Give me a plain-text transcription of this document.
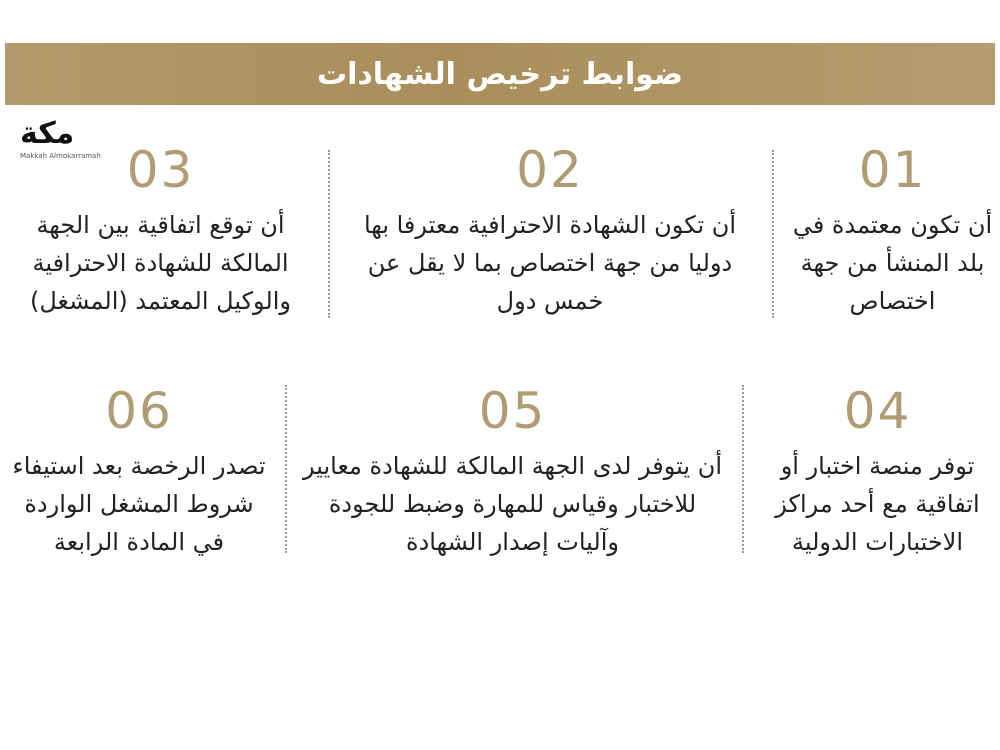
ضوابط ترخيص الشهادات
مكة
Makkah Almokarramah	01
أن تكون معتمدة في بلد المنشأ من جهة اختصاص
02
أن تكون الشهادة الاحترافية معترفا بها دوليا من جهة اختصاص بما لا يقل عن خمس دول
03
أن توقع اتفاقية بين الجهة المالكة للشهادة الاحترافية والوكيل المعتمد (المشغل)
04
توفر منصة اختبار أو اتفاقية مع أحد مراكز الاختبارات الدولية
05
أن يتوفر لدى الجهة المالكة للشهادة معايير للاختبار وقياس للمهارة وضبط للجودة وآليات إصدار الشهادة
06
تصدر الرخصة بعد استيفاء شروط المشغل الواردة في المادة الرابعة
